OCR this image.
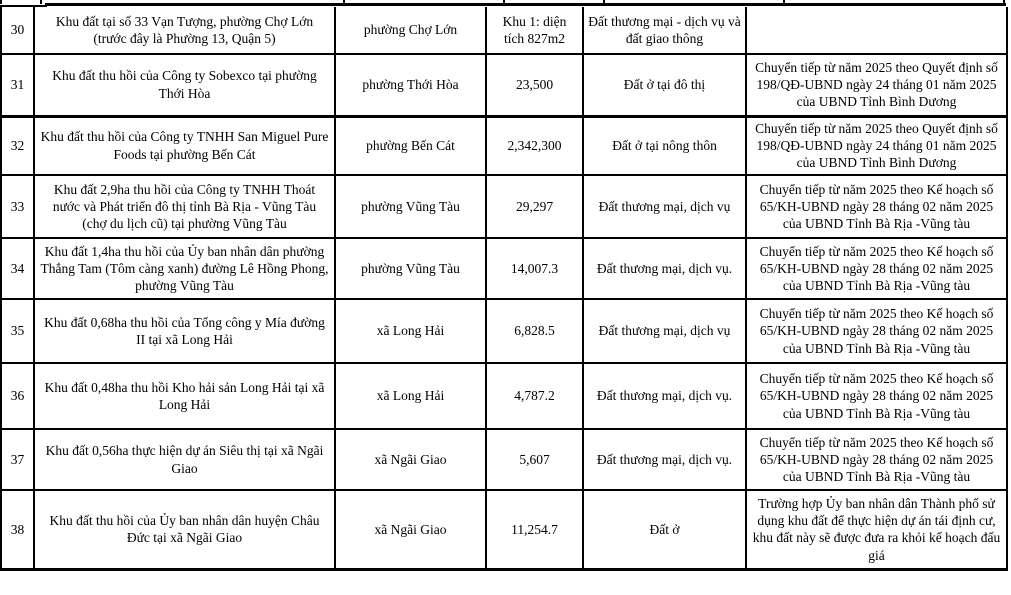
30	Khu đất tại số 33 Vạn Tượng, phường Chợ Lớn (trước đây là Phường 13, Quận 5)	phường Chợ Lớn	Khu 1: diện tích 827m2	Đất thương mại - dịch vụ và đất giao thông	
31	Khu đất thu hồi của Công ty Sobexco tại phường Thới Hòa	phường Thới Hòa	23,500	Đất ở tại đô thị	Chuyển tiếp từ năm 2025 theo Quyết định số 198/QĐ-UBND ngày 24 tháng 01 năm 2025 của UBND Tỉnh Bình Dương
32	Khu đất thu hồi của Công ty TNHH San Miguel Pure Foods tại phường Bến Cát	phường Bến Cát	2,342,300	Đất ở tại nông thôn	Chuyển tiếp từ năm 2025 theo Quyết định số 198/QĐ-UBND ngày 24 tháng 01 năm 2025 của UBND Tỉnh Bình Dương
33	Khu đất 2,9ha thu hồi của Công ty TNHH Thoát nước và Phát triển đô thị tỉnh Bà Rịa - Vũng Tàu (chợ du lịch cũ) tại phường Vũng Tàu	phường Vũng Tàu	29,297	Đất thương mại, dịch vụ	Chuyển tiếp từ năm 2025 theo Kế hoạch số 65/KH-UBND ngày 28 tháng 02 năm 2025 của UBND Tỉnh Bà Rịa -Vũng tàu
34	Khu đất 1,4ha thu hồi của Ủy ban nhân dân phường Thắng Tam (Tôm càng xanh) đường Lê Hồng Phong, phường Vũng Tàu	phường Vũng Tàu	14,007.3	Đất thương mại, dịch vụ.	Chuyển tiếp từ năm 2025 theo Kế hoạch số 65/KH-UBND ngày 28 tháng 02 năm 2025 của UBND Tỉnh Bà Rịa -Vũng tàu
35	Khu đất 0,68ha thu hồi của Tổng công y Mía đường II tại xã Long Hải	xã Long Hải	6,828.5	Đất thương mại, dịch vụ	Chuyển tiếp từ năm 2025 theo Kế hoạch số 65/KH-UBND ngày 28 tháng 02 năm 2025 của UBND Tỉnh Bà Rịa -Vũng tàu
36	Khu đất 0,48ha thu hồi Kho hải sản Long Hải tại xã Long Hải	xã Long Hải	4,787.2	Đất thương mại, dịch vụ.	Chuyển tiếp từ năm 2025 theo Kế hoạch số 65/KH-UBND ngày 28 tháng 02 năm 2025 của UBND Tỉnh Bà Rịa -Vũng tàu
37	Khu đất 0,56ha thực hiện dự án Siêu thị tại xã Ngãi Giao	xã Ngãi Giao	5,607	Đất thương mại, dịch vụ.	Chuyển tiếp từ năm 2025 theo Kế hoạch số 65/KH-UBND ngày 28 tháng 02 năm 2025 của UBND Tỉnh Bà Rịa -Vũng tàu
38	Khu đất thu hồi của Ủy ban nhân dân huyện Châu Đức tại xã Ngãi Giao	xã Ngãi Giao	11,254.7	Đất ở	Trường hợp Ủy ban nhân dân Thành phố sử dụng khu đất để thực hiện dự án tái định cư, khu đất này sẽ được đưa ra khỏi kế hoạch đấu giá
